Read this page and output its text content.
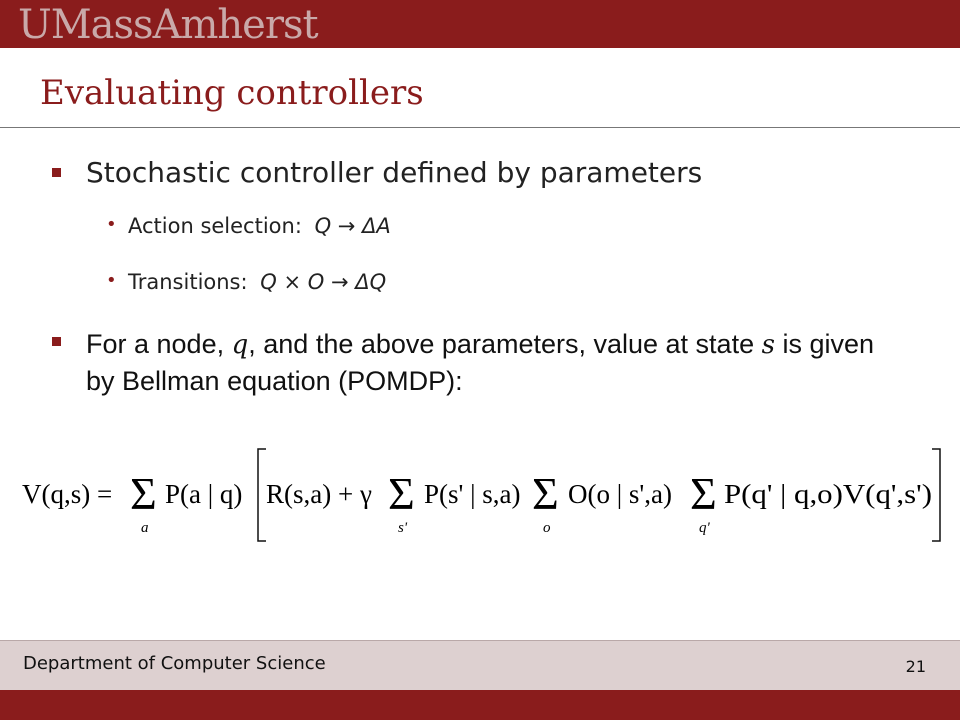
UMassAmherst
Evaluating controllers
Stochastic controller defined by parameters
• Action selection: Q → ΔA
• Transitions: Q × O → ΔQ
For a node, q, and the above parameters, value at state s is given by Bellman equation (POMDP):
V(q,s) = Σ
a
P(a | q) R(s,a) + γ Σ
s'
P(s' | s,a) Σ
o
O(o | s',a) Σ
q'
P(q' | q,o)V(q',s')
Department of Computer Science	21
